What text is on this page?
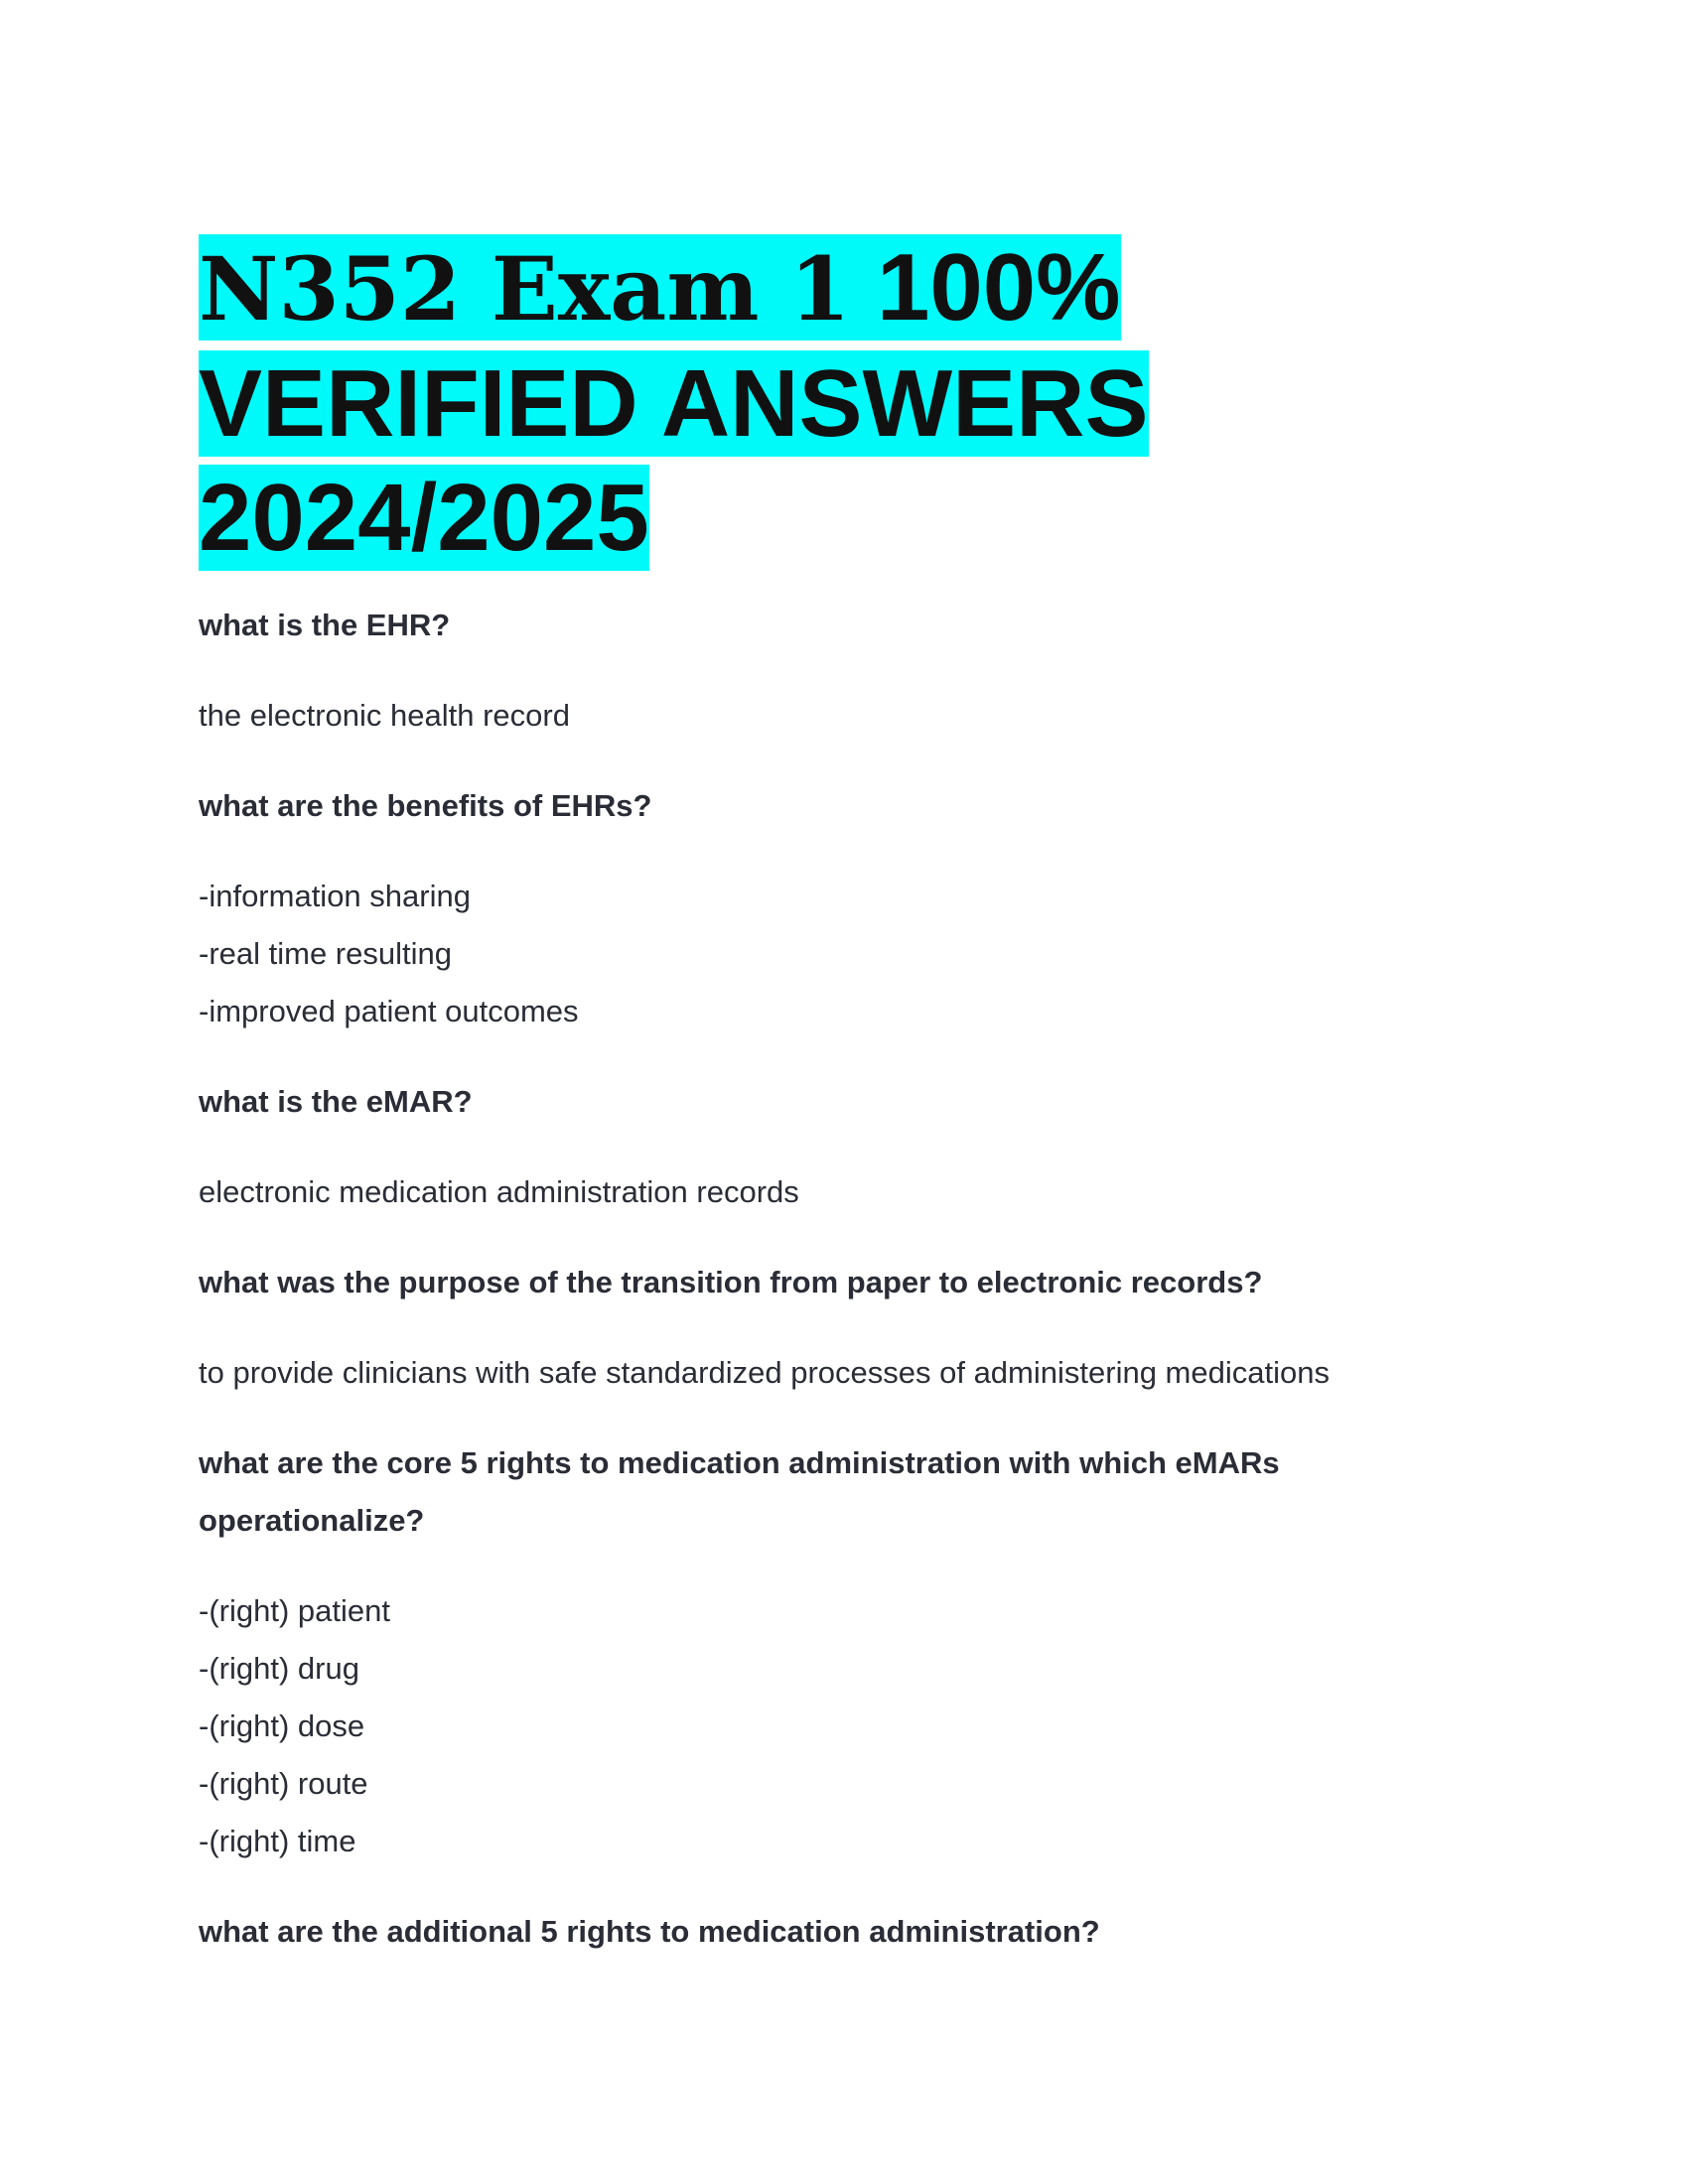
N352 Exam 1 100% VERIFIED ANSWERS 2024/2025
what is the EHR?
the electronic health record
what are the benefits of EHRs?
-information sharing
-real time resulting
-improved patient outcomes
what is the eMAR?
electronic medication administration records
what was the purpose of the transition from paper to electronic records?
to provide clinicians with safe standardized processes of administering medications
what are the core 5 rights to medication administration with which eMARs operationalize?
-(right) patient
-(right) drug
-(right) dose
-(right) route
-(right) time
what are the additional 5 rights to medication administration?
